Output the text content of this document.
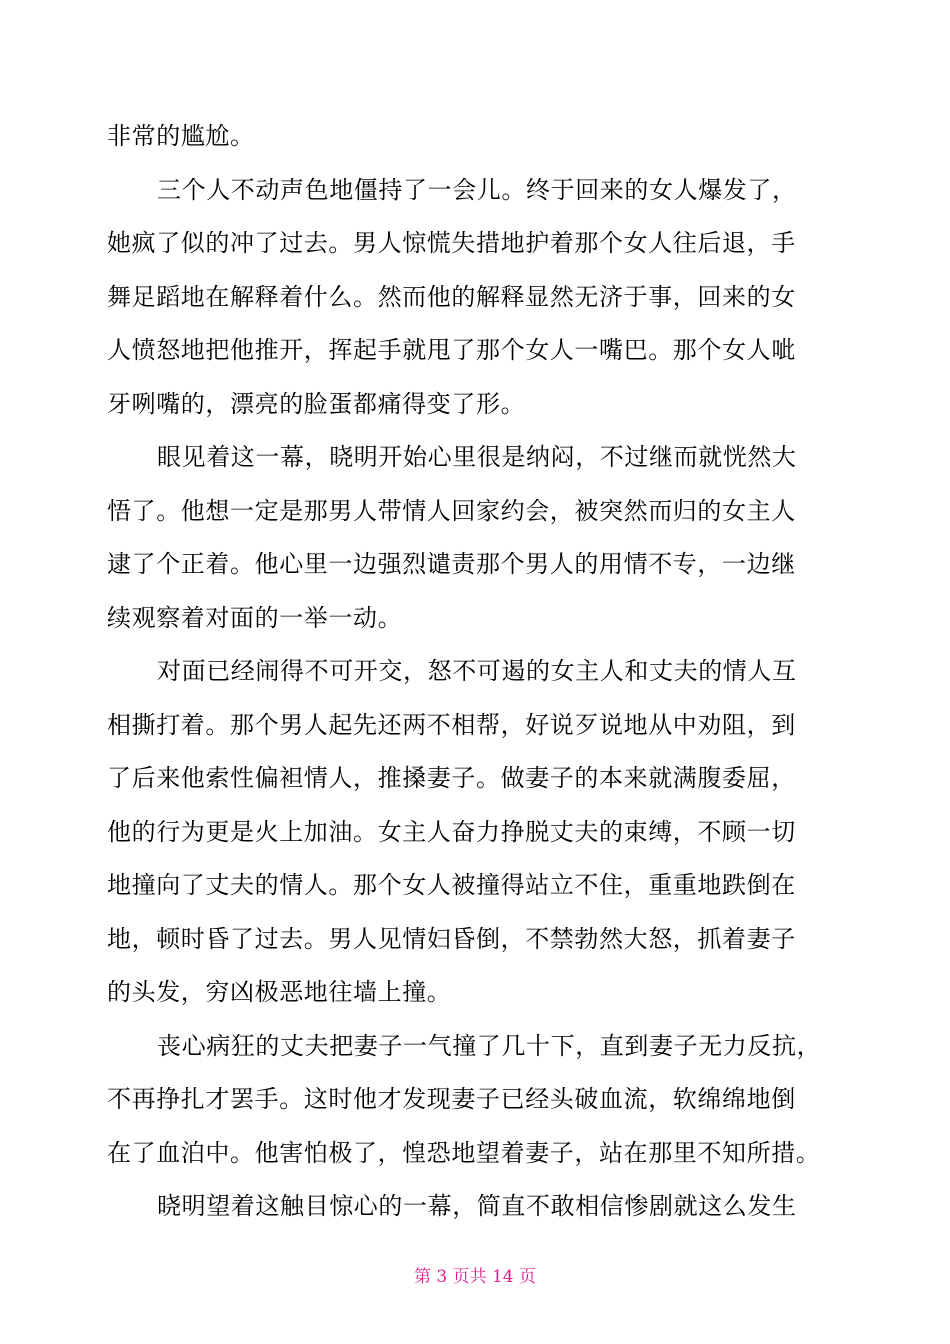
非常的尴尬。
三个人不动声色地僵持了一会儿。终于回来的女人爆发了，
她疯了似的冲了过去。男人惊慌失措地护着那个女人往后退，手
舞足蹈地在解释着什么。然而他的解释显然无济于事，回来的女
人愤怒地把他推开，挥起手就甩了那个女人一嘴巴。那个女人呲
牙咧嘴的，漂亮的脸蛋都痛得变了形。
眼见着这一幕，晓明开始心里很是纳闷，不过继而就恍然大
悟了。他想一定是那男人带情人回家约会，被突然而归的女主人
逮了个正着。他心里一边强烈谴责那个男人的用情不专，一边继
续观察着对面的一举一动。
对面已经闹得不可开交，怒不可遏的女主人和丈夫的情人互
相撕打着。那个男人起先还两不相帮，好说歹说地从中劝阻，到
了后来他索性偏袒情人，推搡妻子。做妻子的本来就满腹委屈，
他的行为更是火上加油。女主人奋力挣脱丈夫的束缚，不顾一切
地撞向了丈夫的情人。那个女人被撞得站立不住，重重地跌倒在
地，顿时昏了过去。男人见情妇昏倒，不禁勃然大怒，抓着妻子
的头发，穷凶极恶地往墙上撞。
丧心病狂的丈夫把妻子一气撞了几十下，直到妻子无力反抗，
不再挣扎才罢手。这时他才发现妻子已经头破血流，软绵绵地倒
在了血泊中。他害怕极了，惶恐地望着妻子，站在那里不知所措。
晓明望着这触目惊心的一幕，简直不敢相信惨剧就这么发生
第 3 页共 14 页
